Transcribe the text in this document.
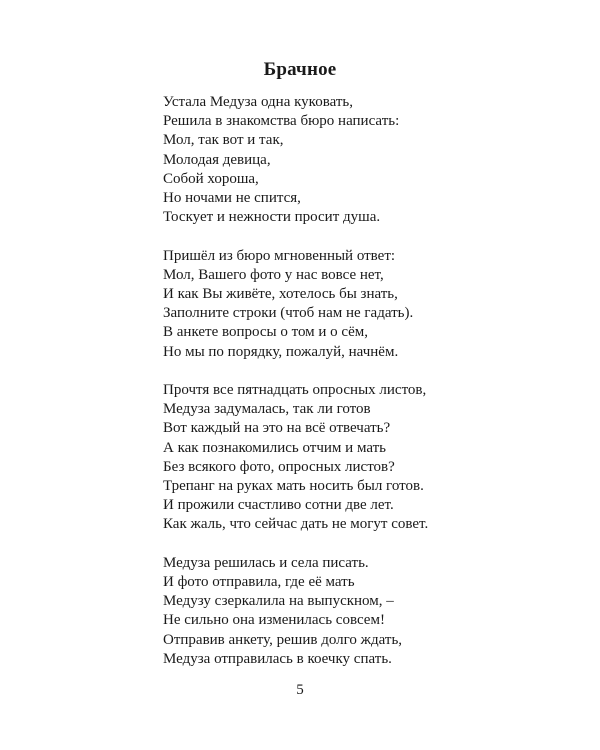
Брачное
Устала Медуза одна куковать,
Решила в знакомства бюро написать:
Мол, так вот и так,
Молодая девица,
Собой хороша,
Но ночами не спится,
Тоскует и нежности просит душа.
Пришёл из бюро мгновенный ответ:
Мол, Вашего фото у нас вовсе нет,
И как Вы живёте, хотелось бы знать,
Заполните строки (чтоб нам не гадать).
В анкете вопросы о том и о сём,
Но мы по порядку, пожалуй, начнём.
Прочтя все пятнадцать опросных листов,
Медуза задумалась, так ли готов
Вот каждый на это на всё отвечать?
А как познакомились отчим и мать
Без всякого фото, опросных листов?
Трепанг на руках мать носить был готов.
И прожили счастливо сотни две лет.
Как жаль, что сейчас дать не могут совет.
Медуза решилась и села писать.
И фото отправила, где её мать
Медузу сзеркалила на выпускном, –
Не сильно она изменилась совсем!
Отправив анкету, решив долго ждать,
Медуза отправилась в коечку спать.
5
